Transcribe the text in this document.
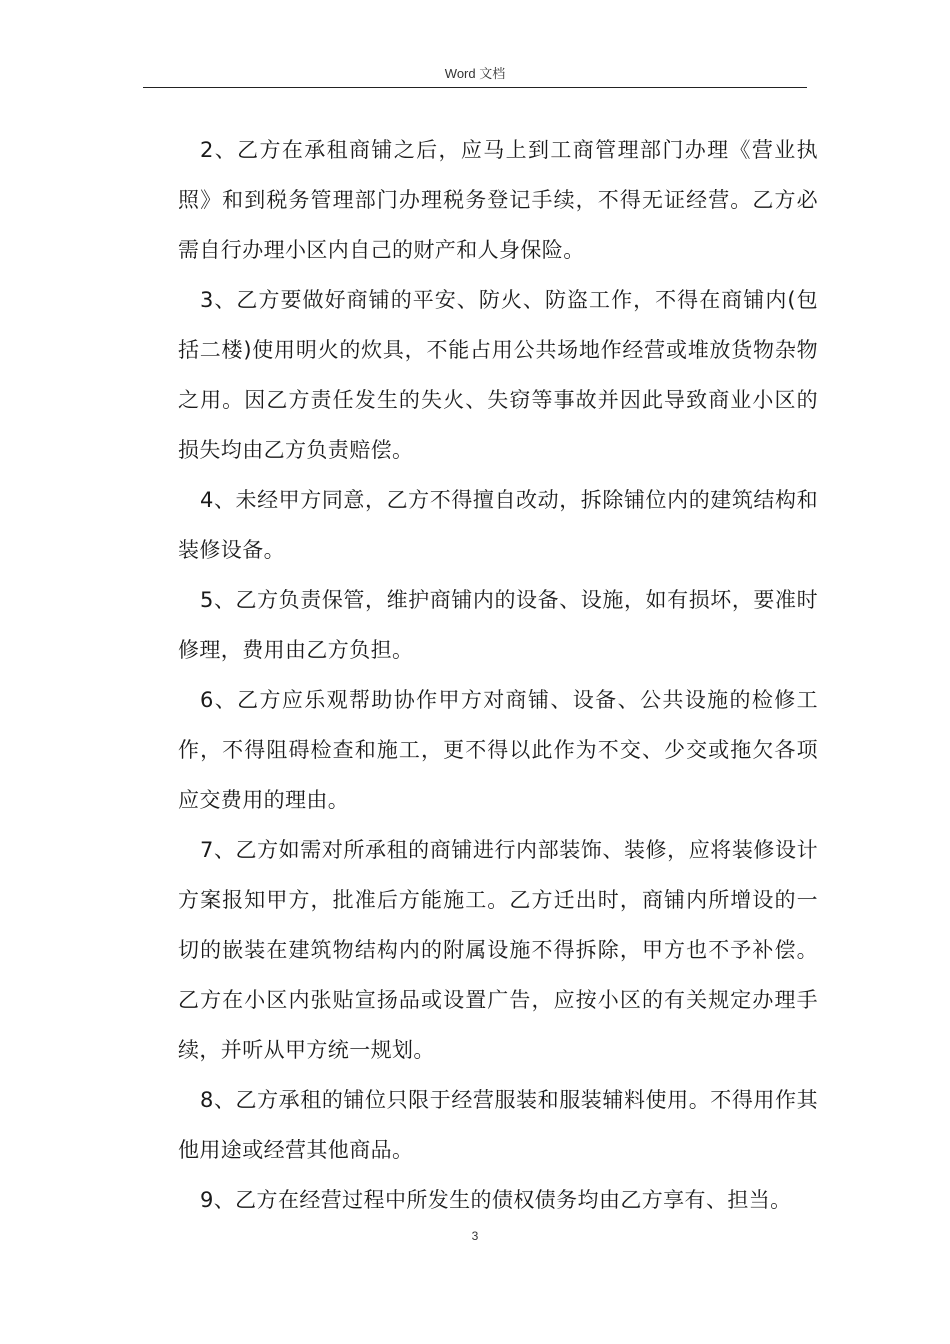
Word 文档

2、乙方在承租商铺之后，应马上到工商管理部门办理《营业执照》和到税务管理部门办理税务登记手续，不得无证经营。乙方必需自行办理小区内自己的财产和人身保险。

3、乙方要做好商铺的平安、防火、防盗工作，不得在商铺内(包括二楼)使用明火的炊具，不能占用公共场地作经营或堆放货物杂物之用。因乙方责任发生的失火、失窃等事故并因此导致商业小区的损失均由乙方负责赔偿。

4、未经甲方同意，乙方不得擅自改动，拆除铺位内的建筑结构和装修设备。

5、乙方负责保管，维护商铺内的设备、设施，如有损坏，要准时修理，费用由乙方负担。

6、乙方应乐观帮助协作甲方对商铺、设备、公共设施的检修工作，不得阻碍检查和施工，更不得以此作为不交、少交或拖欠各项应交费用的理由。

7、乙方如需对所承租的商铺进行内部装饰、装修，应将装修设计方案报知甲方，批准后方能施工。乙方迁出时，商铺内所增设的一切的嵌装在建筑物结构内的附属设施不得拆除，甲方也不予补偿。乙方在小区内张贴宣扬品或设置广告，应按小区的有关规定办理手续，并听从甲方统一规划。

8、乙方承租的铺位只限于经营服装和服装辅料使用。不得用作其他用途或经营其他商品。

9、乙方在经营过程中所发生的债权债务均由乙方享有、担当。

3
